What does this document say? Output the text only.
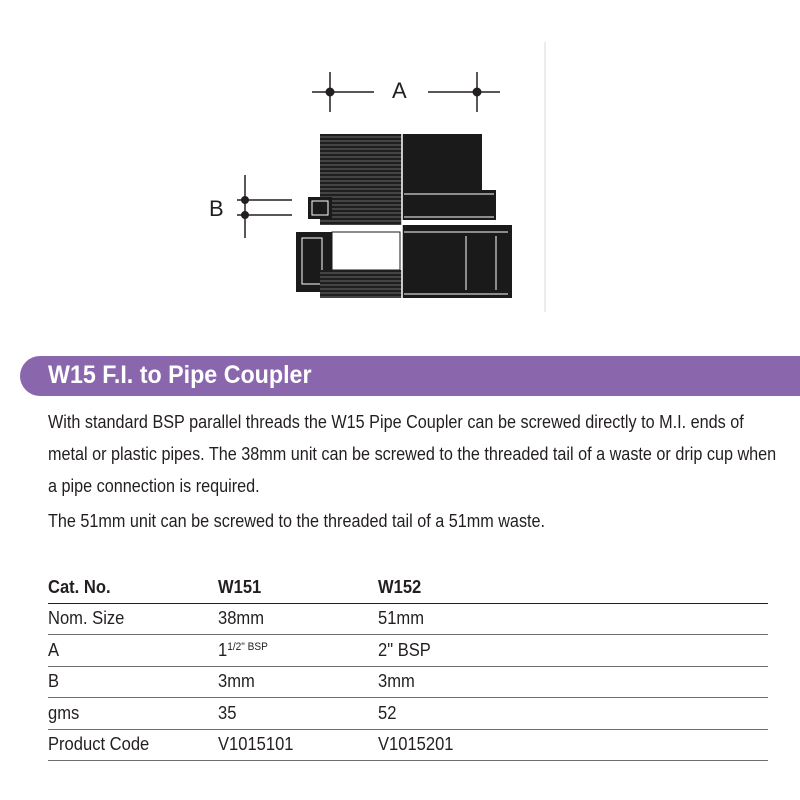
A
B
W15 F.I. to Pipe Coupler

With standard BSP parallel threads the W15 Pipe Coupler can be screwed directly to M.I. ends of metal or plastic pipes. The 38mm unit can be screwed to the threaded tail of a waste or drip cup when a pipe connection is required.

The 51mm unit can be screwed to the threaded tail of a 51mm waste.

Cat. No.	W151	W152
Nom. Size	38mm	51mm
A	$1^{1/2" BSP}$	2" BSP
B	3mm	3mm
gms	35	52
Product Code	V1015101	V1015201
